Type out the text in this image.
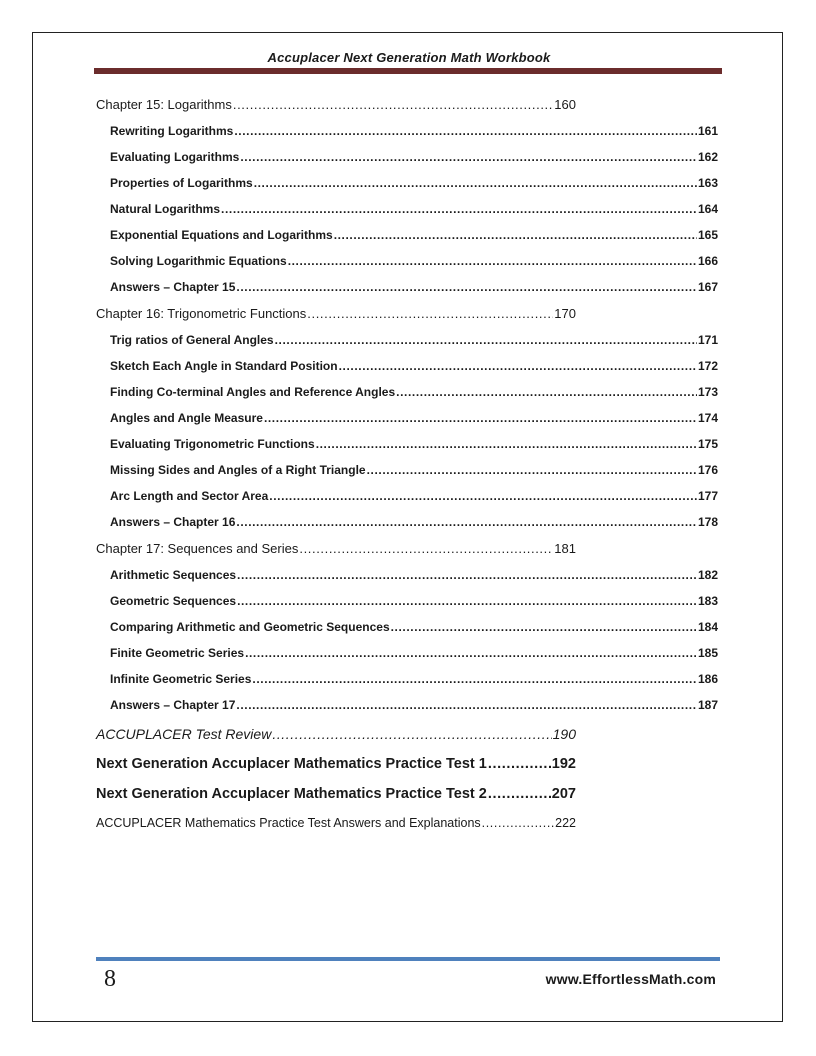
Accuplacer Next Generation Math Workbook
Chapter 15: Logarithms .....	160
Rewriting Logarithms .....	161
Evaluating Logarithms .....	162
Properties of Logarithms .....	163
Natural Logarithms .....	164
Exponential Equations and Logarithms .....	165
Solving Logarithmic Equations .....	166
Answers – Chapter 15 .....	167
Chapter 16: Trigonometric Functions .....	170
Trig ratios of General Angles .....	171
Sketch Each Angle in Standard Position .....	172
Finding Co-terminal Angles and Reference Angles .....	173
Angles and Angle Measure .....	174
Evaluating Trigonometric Functions .....	175
Missing Sides and Angles of a Right Triangle .....	176
Arc Length and Sector Area .....	177
Answers – Chapter 16 .....	178
Chapter 17: Sequences and Series .....	181
Arithmetic Sequences .....	182
Geometric Sequences .....	183
Comparing Arithmetic and Geometric Sequences .....	184
Finite Geometric Series .....	185
Infinite Geometric Series .....	186
Answers – Chapter 17 .....	187
ACCUPLACER Test Review .....	190
Next Generation Accuplacer Mathematics Practice Test 1 .....	192
Next Generation Accuplacer Mathematics Practice Test 2 .....	207
ACCUPLACER Mathematics Practice Test Answers and Explanations .....	222
8	www.EffortlessMath.com
